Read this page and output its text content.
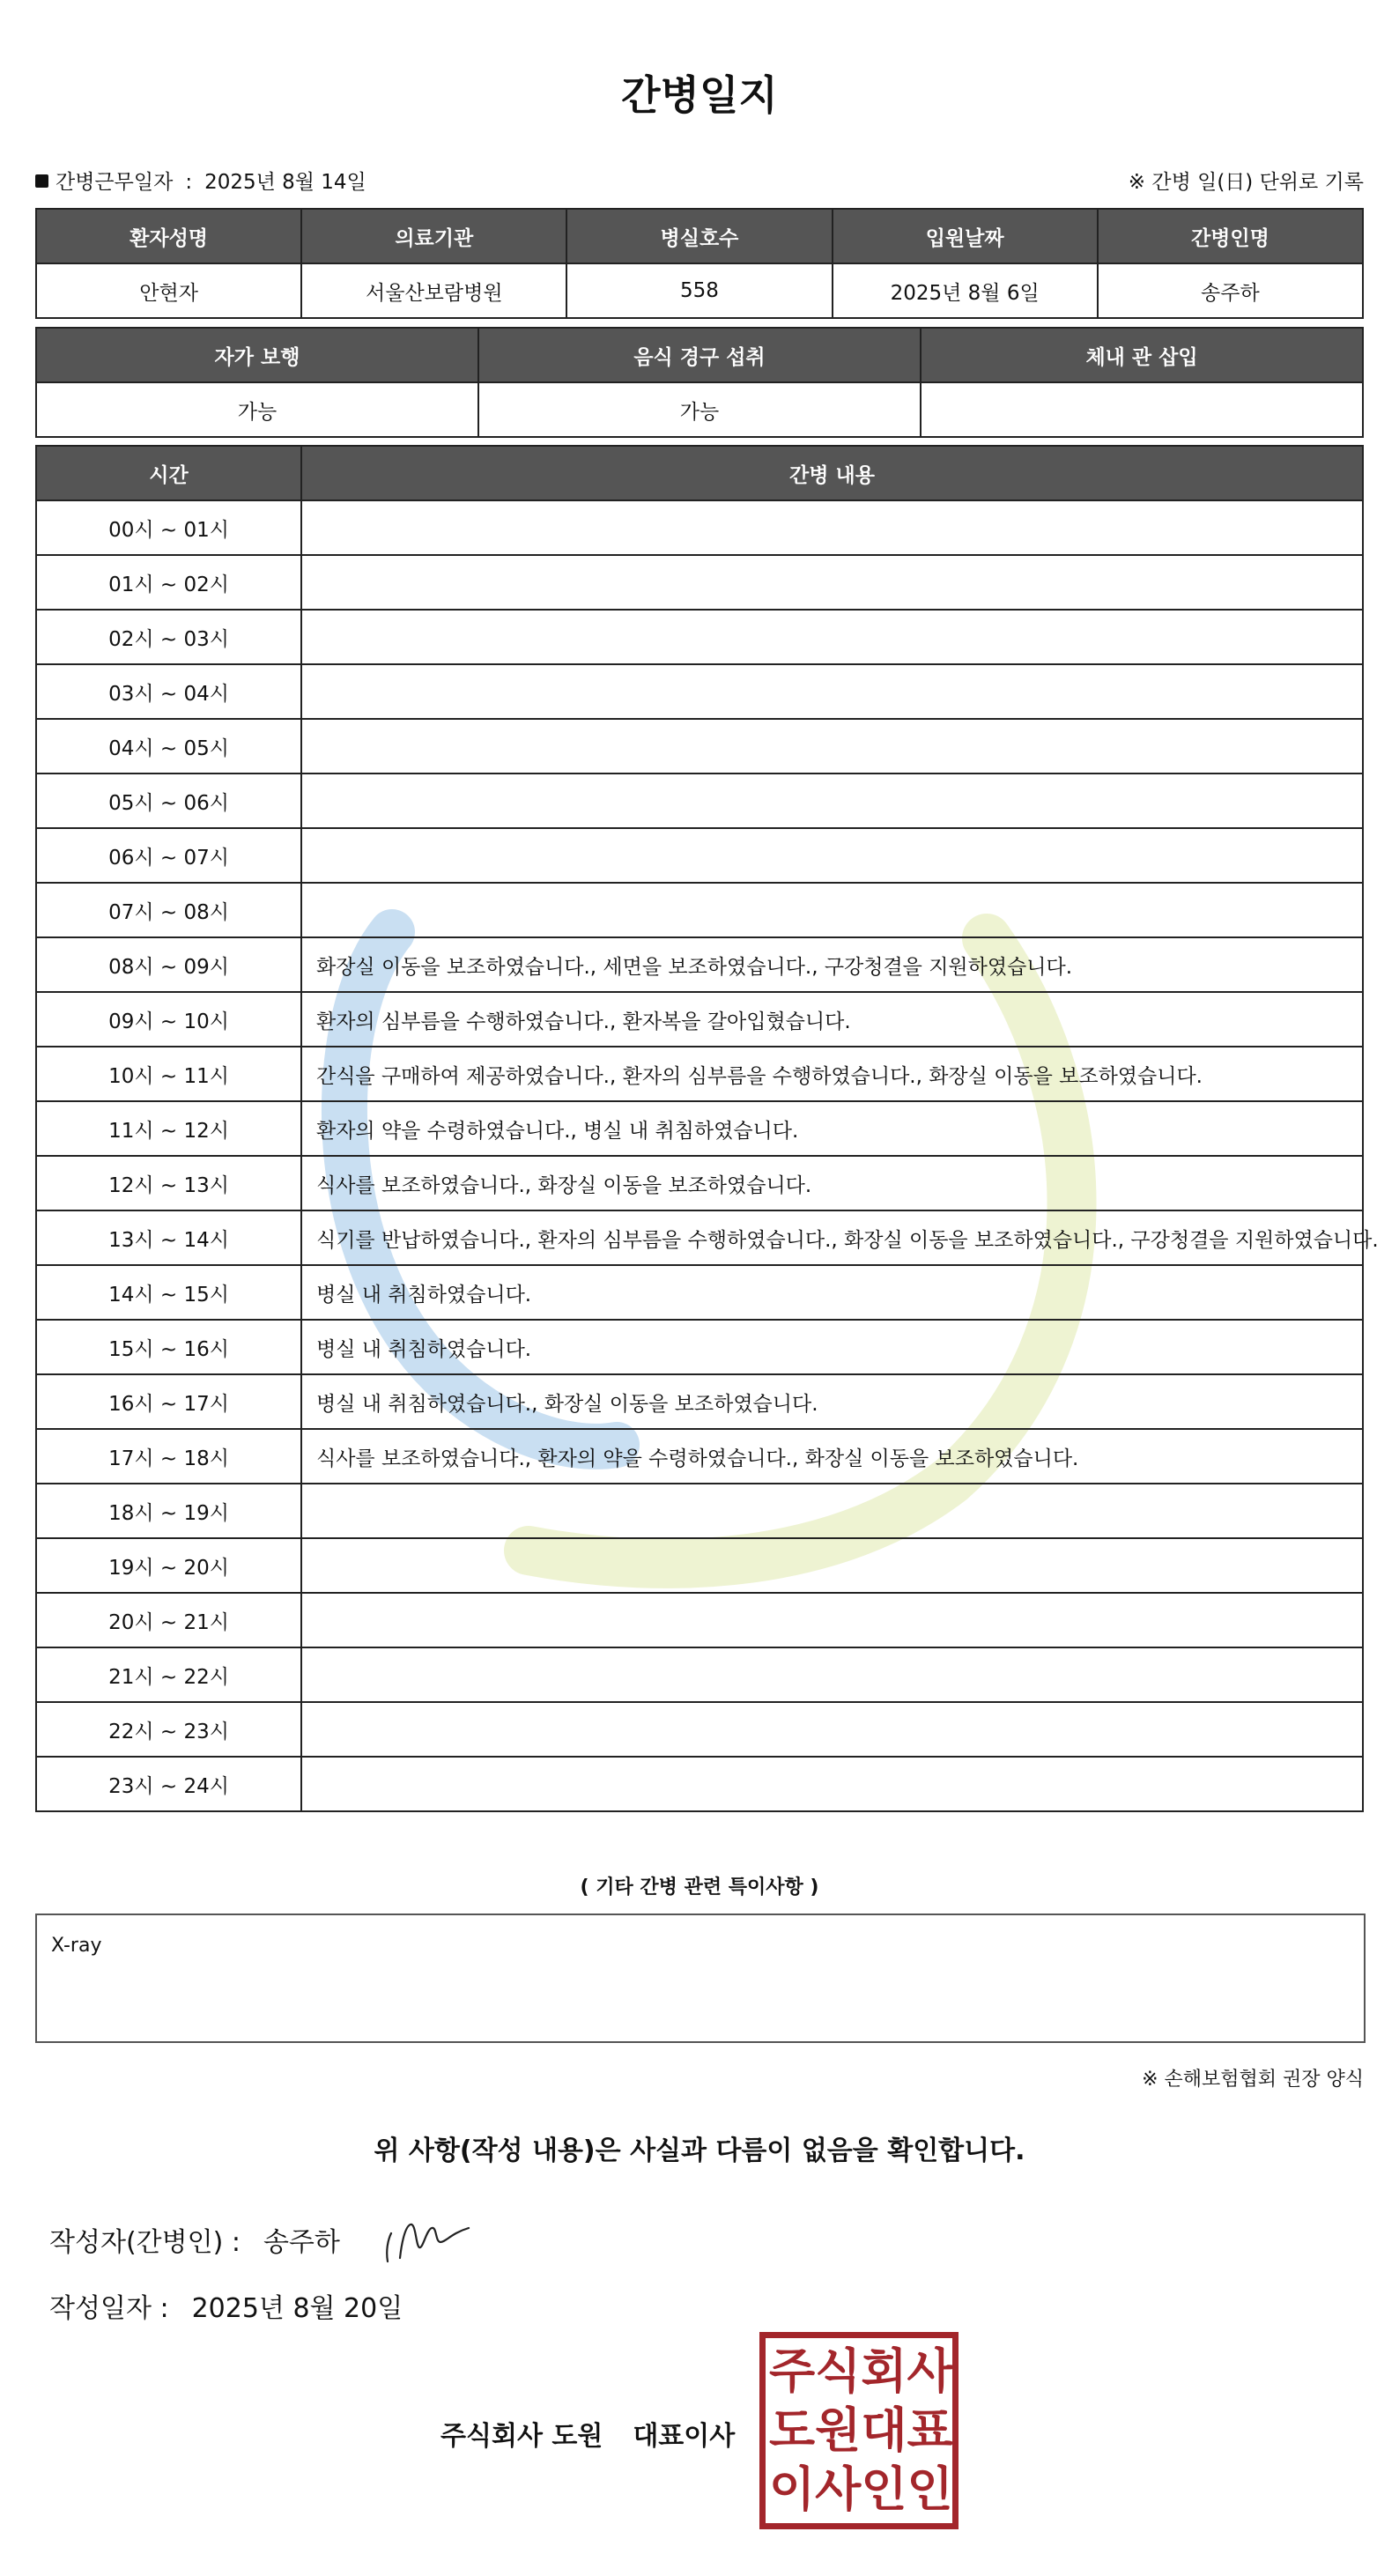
간병일지
간병근무일자 : 2025년 8월 14일	※ 간병 일(日) 단위로 기록
환자성명	의료기관	병실호수	입원날짜	간병인명
안현자	서울산보람병원	558	2025년 8월 6일	송주하
자가 보행	음식 경구 섭취	체내 관 삽입
가능	가능	
시간	간병 내용
00시 ~ 01시	
01시 ~ 02시	
02시 ~ 03시	
03시 ~ 04시	
04시 ~ 05시	
05시 ~ 06시	
06시 ~ 07시	
07시 ~ 08시	
08시 ~ 09시	화장실 이동을 보조하였습니다., 세면을 보조하였습니다., 구강청결을 지원하였습니다.
09시 ~ 10시	환자의 심부름을 수행하였습니다., 환자복을 갈아입혔습니다.
10시 ~ 11시	간식을 구매하여 제공하였습니다., 환자의 심부름을 수행하였습니다., 화장실 이동을 보조하였습니다.
11시 ~ 12시	환자의 약을 수령하였습니다., 병실 내 취침하였습니다.
12시 ~ 13시	식사를 보조하였습니다., 화장실 이동을 보조하였습니다.
13시 ~ 14시	식기를 반납하였습니다., 환자의 심부름을 수행하였습니다., 화장실 이동을 보조하였습니다., 구강청결을 지원하였습니다.
14시 ~ 15시	병실 내 취침하였습니다.
15시 ~ 16시	병실 내 취침하였습니다.
16시 ~ 17시	병실 내 취침하였습니다., 화장실 이동을 보조하였습니다.
17시 ~ 18시	식사를 보조하였습니다., 환자의 약을 수령하였습니다., 화장실 이동을 보조하였습니다.
18시 ~ 19시	
19시 ~ 20시	
20시 ~ 21시	
21시 ~ 22시	
22시 ~ 23시	
23시 ~ 24시	
( 기타 간병 관련 특이사항 )
X-ray
※ 손해보험협회 권장 양식
위 사항(작성 내용)은 사실과 다름이 없음을 확인합니다.
작성자(간병인) : 송주하
작성일자 : 2025년 8월 20일
주식회사 도원 대표이사
주 식 회 사
도 원 대 표
이 사 인 인
